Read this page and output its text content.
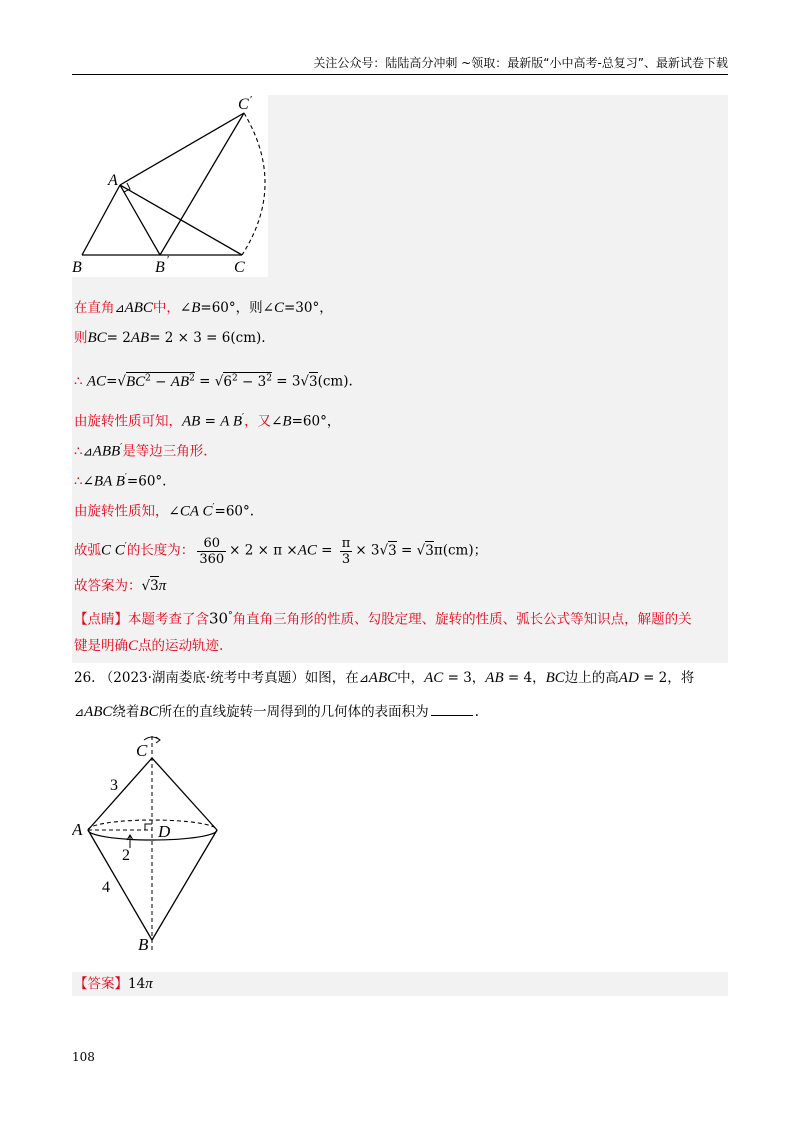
关注公众号：陆陆高分冲刺 ~领取：最新版“小中高考-总复习”、最新试卷下载
C ′
A
B	B ′	C
在直角⊿ABC中，∠B=60°，则∠C=30°，
则BC= 2AB= 2 × 3 = 6(cm).
∴ $AC=√BC^2 - AB^2 = √6^2 - 3^2 = 3√3(cm)$.
由旋转性质可知，AB = A B′，又∠B=60°，
∴⊿ABB′是等边三角形.
∴∠BA B′=60°.
由旋转性质知，∠CA C′=60°.
故弧C C′的长度为： $\frac{60}{360} \times 2 \times \pi \times AC = \frac{\pi}{3} \times 3√3 = √3\pi(cm)$；
故答案为：√3π
【点睛】本题考查了含30°角直角三角形的性质、勾股定理、旋转的性质、弧长公式等知识点，解题的关
键是明确C点的运动轨迹.
26. （2023·湖南娄底·统考中考真题）如图，在⊿ABC中，AC = 3，AB = 4，BC边上的高AD = 2，将
⊿ABC绕着BC所在的直线旋转一周得到的几何体的表面积为	.
C
A	D
B
3
4
2
【答案】14π
108
